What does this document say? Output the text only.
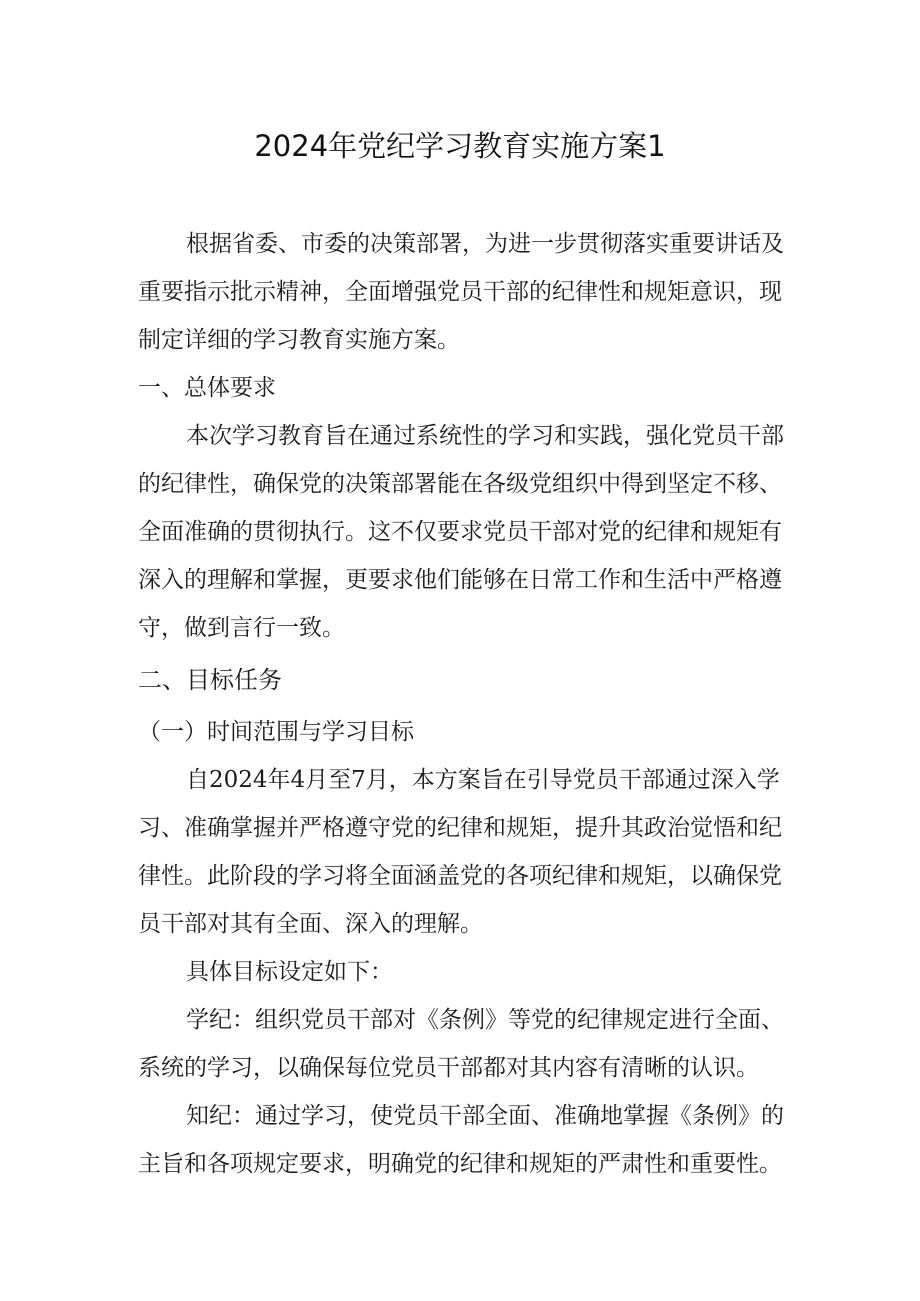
2024年党纪学习教育实施方案1

根据省委、市委的决策部署，为进一步贯彻落实重要讲话及重要指示批示精神，全面增强党员干部的纪律性和规矩意识，现制定详细的学习教育实施方案。

一、总体要求

本次学习教育旨在通过系统性的学习和实践，强化党员干部的纪律性，确保党的决策部署能在各级党组织中得到坚定不移、全面准确的贯彻执行。这不仅要求党员干部对党的纪律和规矩有深入的理解和掌握，更要求他们能够在日常工作和生活中严格遵守，做到言行一致。

二、目标任务

（一）时间范围与学习目标

自2024年4月至7月，本方案旨在引导党员干部通过深入学习、准确掌握并严格遵守党的纪律和规矩，提升其政治觉悟和纪律性。此阶段的学习将全面涵盖党的各项纪律和规矩，以确保党员干部对其有全面、深入的理解。

具体目标设定如下：

学纪：组织党员干部对《条例》等党的纪律规定进行全面、系统的学习，以确保每位党员干部都对其内容有清晰的认识。

知纪：通过学习，使党员干部全面、准确地掌握《条例》的主旨和各项规定要求，明确党的纪律和规矩的严肃性和重要性。
